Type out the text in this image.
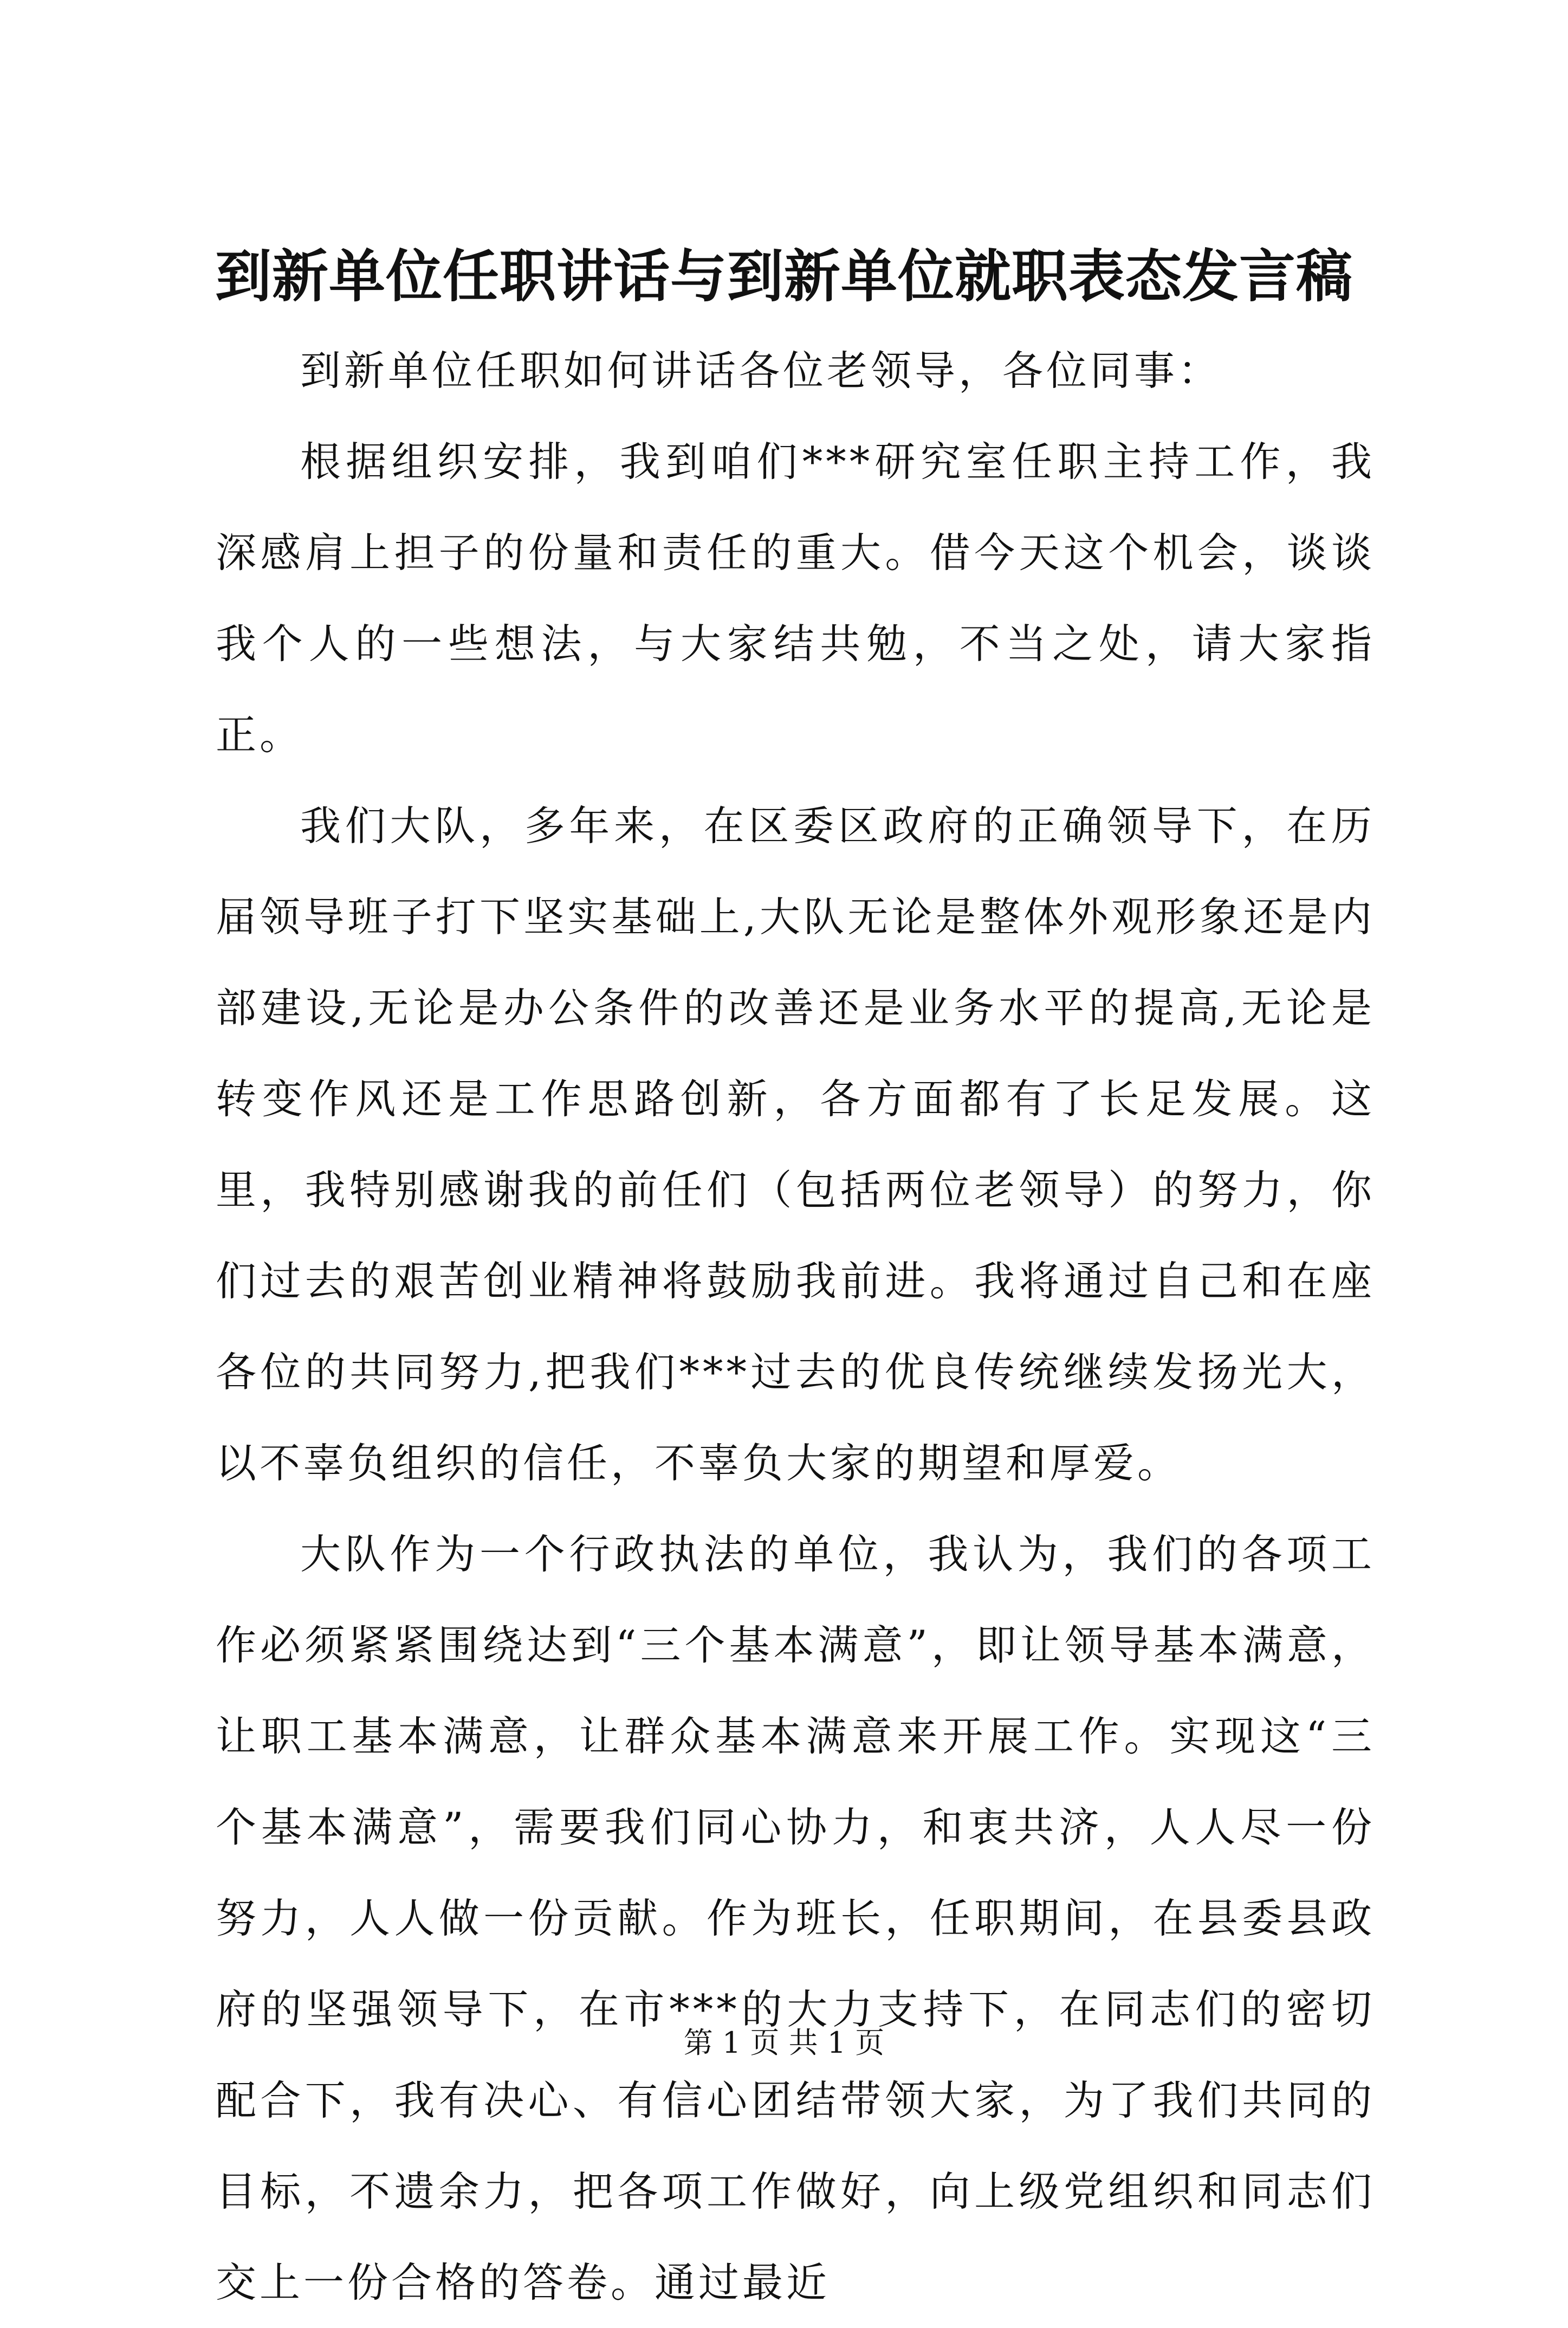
到新单位任职讲话与到新单位就职表态发言稿

到新单位任职如何讲话各位老领导，各位同事：

根据组织安排，我到咱们***研究室任职主持工作，我深感肩上担子的份量和责任的重大。借今天这个机会，谈谈我个人的一些想法，与大家结共勉，不当之处，请大家指正。

我们大队，多年来，在区委区政府的正确领导下，在历届领导班子打下坚实基础上,大队无论是整体外观形象还是内部建设,无论是办公条件的改善还是业务水平的提高,无论是转变作风还是工作思路创新，各方面都有了长足发展。这里，我特别感谢我的前任们（包括两位老领导）的努力，你们过去的艰苦创业精神将鼓励我前进。我将通过自己和在座各位的共同努力,把我们***过去的优良传统继续发扬光大，以不辜负组织的信任，不辜负大家的期望和厚爱。

大队作为一个行政执法的单位，我认为，我们的各项工作必须紧紧围绕达到“三个基本满意”，即让领导基本满意，让职工基本满意，让群众基本满意来开展工作。实现这“三个基本满意”，需要我们同心协力，和衷共济，人人尽一份努力，人人做一份贡献。作为班长，任职期间，在县委县政府的坚强领导下，在市***的大力支持下，在同志们的密切配合下，我有决心、有信心团结带领大家，为了我们共同的目标，不遗余力，把各项工作做好，向上级党组织和同志们交上一份合格的答卷。通过最近

第 1 页 共 1 页
